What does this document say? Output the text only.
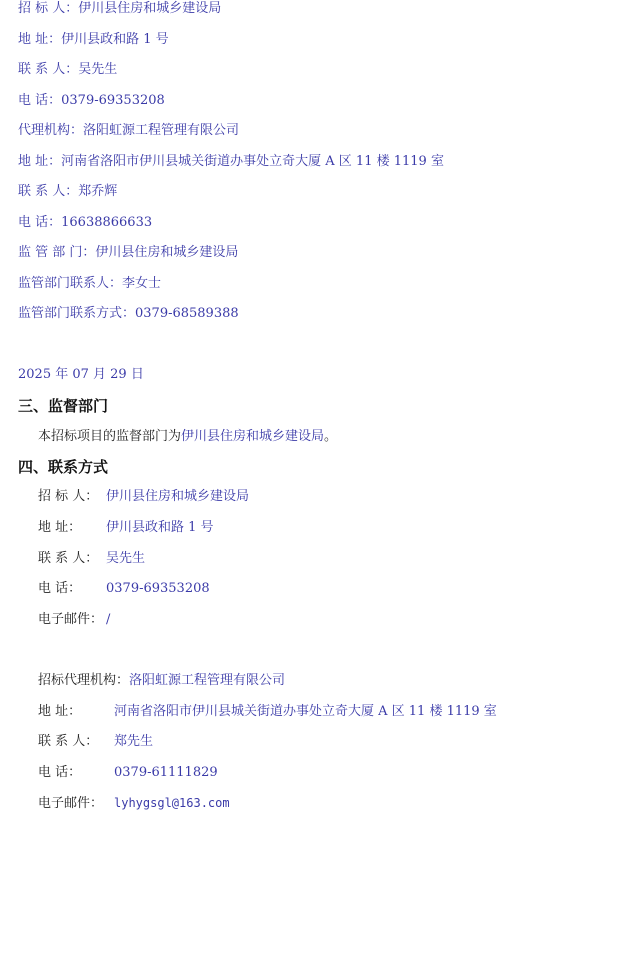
招 标 人：伊川县住房和城乡建设局
地 址：伊川县政和路 1 号
联 系 人：吴先生
电 话：0379-69353208
代理机构：洛阳虹源工程管理有限公司
地 址：河南省洛阳市伊川县城关街道办事处立奇大厦 A 区 11 楼 1119 室
联 系 人：郑乔辉
电 话：16638866633
监 管 部 门：伊川县住房和城乡建设局
监管部门联系人：李女士
监管部门联系方式：0379-68589388
2025 年 07 月 29 日
三、监督部门
本招标项目的监督部门为伊川县住房和城乡建设局。
四、联系方式
招 标 人： 伊川县住房和城乡建设局
地 址： 伊川县政和路 1 号
联 系 人： 吴先生
电 话： 0379-69353208
电子邮件： /
招标代理机构：洛阳虹源工程管理有限公司
地 址：	河南省洛阳市伊川县城关街道办事处立奇大厦 A 区 11 楼 1119 室
联 系 人： 郑先生
电 话：	0379-61111829
电子邮件： lyhygsgl@163.com
